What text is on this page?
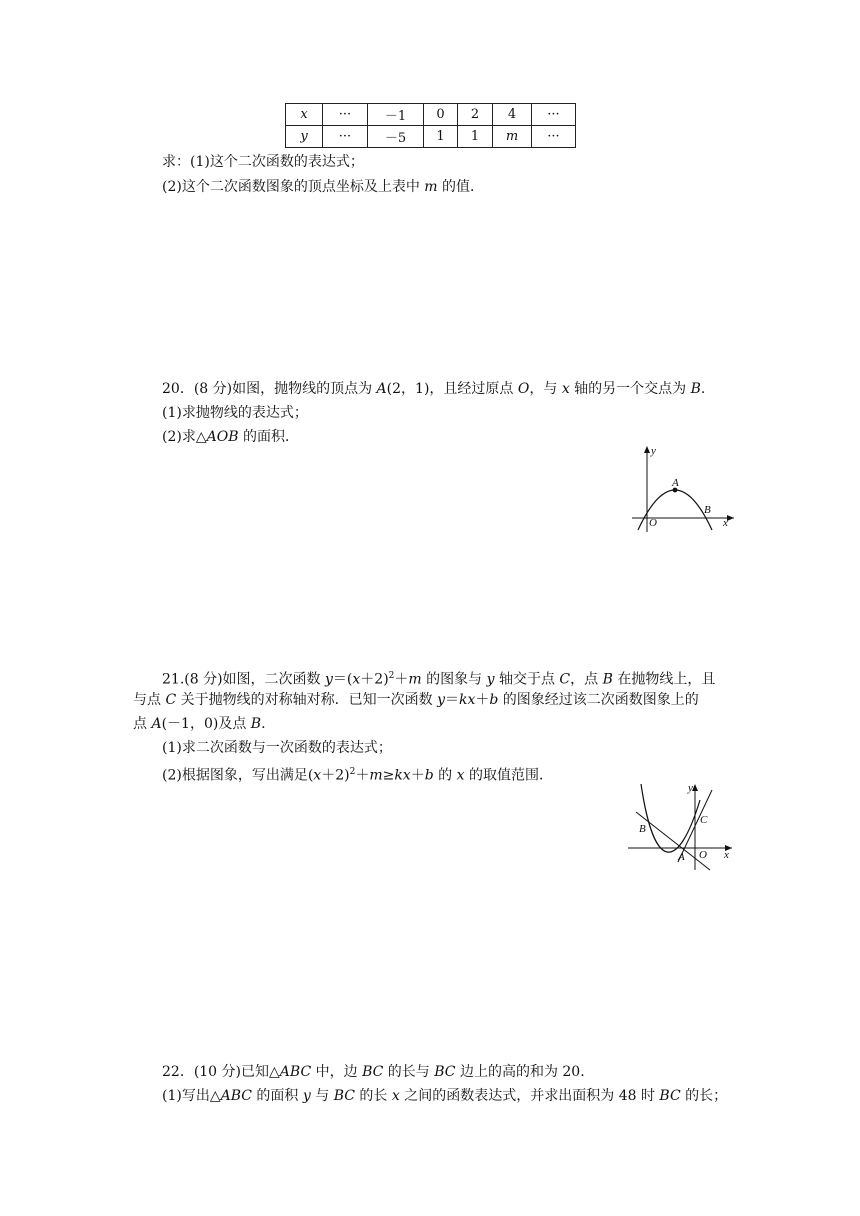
x	···	－1	0	2	4	···
y	···	－5	1	1	m	···
求：(1)这个二次函数的表达式；
(2)这个二次函数图象的顶点坐标及上表中 m 的值．
20．(8 分)如图，抛物线的顶点为 A(2，1)，且经过原点 O，与 x 轴的另一个交点为 B.
(1)求抛物线的表达式；
(2)求△AOB 的面积．
y
A
B
O	x
21.(8 分)如图，二次函数 $y=(x+2)^2+m$ 的图象与 y 轴交于点 C，点 B 在抛物线上，且
与点 C 关于抛物线的对称轴对称．已知一次函数 y＝kx＋b 的图象经过该二次函数图象上的
点 A(－1，0)及点 B.
(1)求二次函数与一次函数的表达式；
(2)根据图象，写出满足$(x+2)^2+m\ge kx+b$ 的 x 的取值范围．
y
B
C
A O x
22．(10 分)已知△ABC 中，边 BC 的长与 BC 边上的高的和为 20.
(1)写出△ABC 的面积 y 与 BC 的长 x 之间的函数表达式，并求出面积为 48 时 BC 的长；
